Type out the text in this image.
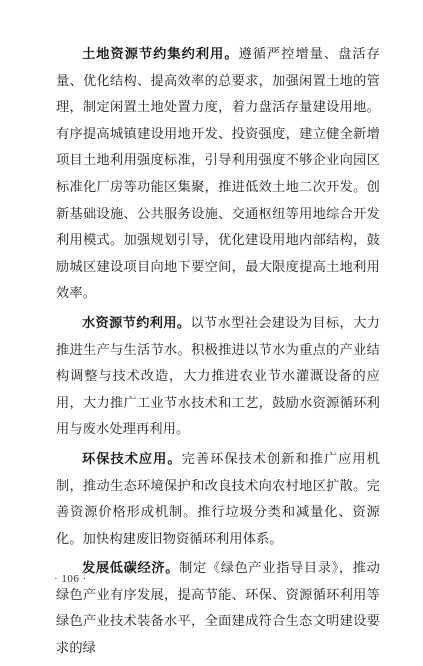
土地资源节约集约利用。遵循严控增量、盘活存量、优化结构、提高效率的总要求，加强闲置土地的管理，制定闲置土地处置力度，着力盘活存量建设用地。有序提高城镇建设用地开发、投资强度，建立健全新增项目土地利用强度标准，引导利用强度不够企业向园区标准化厂房等功能区集聚，推进低效土地二次开发。创新基础设施、公共服务设施、交通枢纽等用地综合开发利用模式。加强规划引导，优化建设用地内部结构，鼓励城区建设项目向地下要空间，最大限度提高土地利用效率。

水资源节约利用。以节水型社会建设为目标，大力推进生产与生活节水。积极推进以节水为重点的产业结构调整与技术改造，大力推进农业节水灌溉设备的应用，大力推广工业节水技术和工艺，鼓励水资源循环利用与废水处理再利用。

环保技术应用。完善环保技术创新和推广应用机制，推动生态环境保护和改良技术向农村地区扩散。完善资源价格形成机制。推行垃圾分类和减量化、资源化。加快构建废旧物资循环利用体系。

发展低碳经济。制定《绿色产业指导目录》，推动绿色产业有序发展，提高节能、环保、资源循环利用等绿色产业技术装备水平，全面建成符合生态文明建设要求的绿

· 106 ·
